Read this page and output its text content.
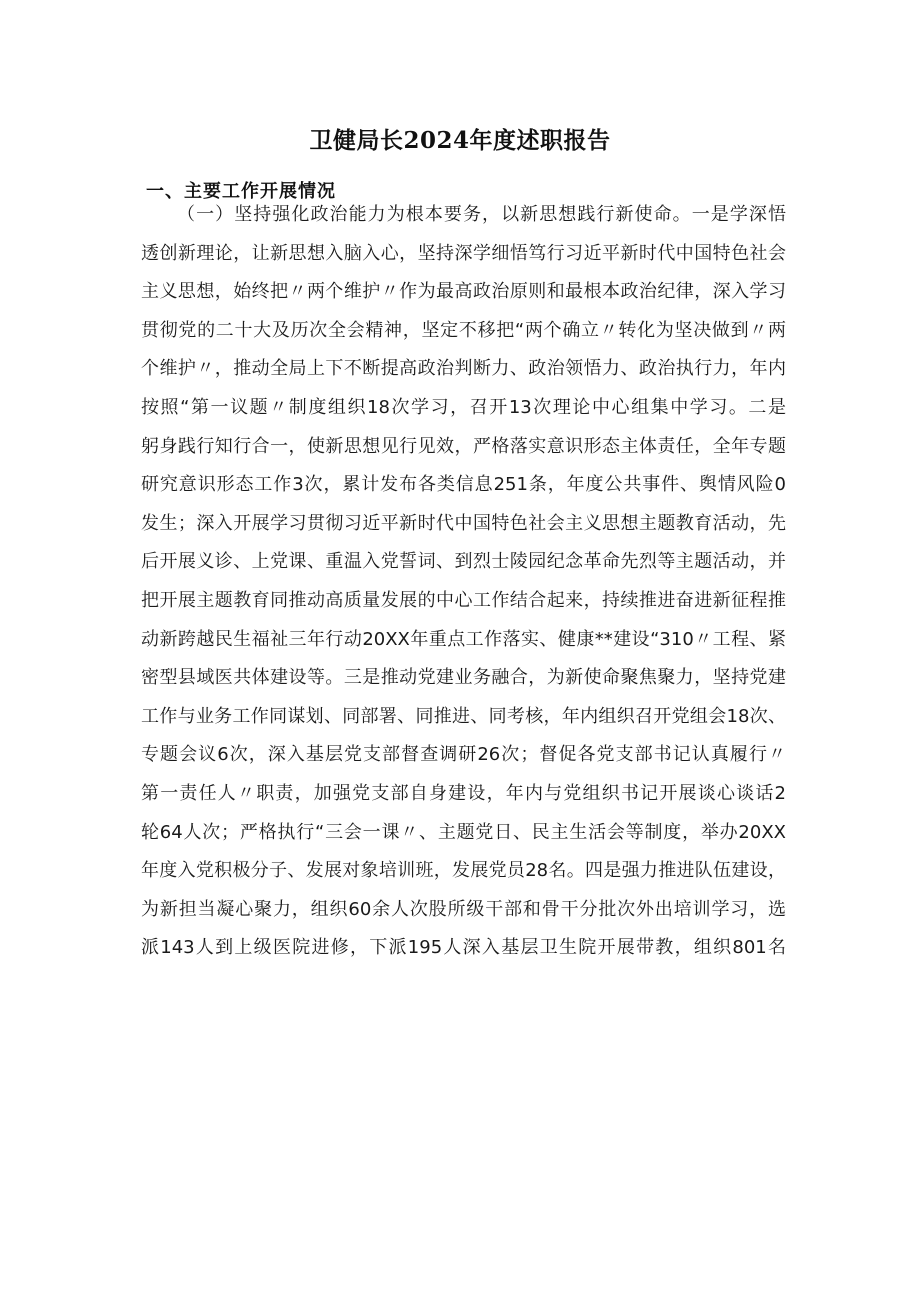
卫健局长2024年度述职报告
一、主要工作开展情况
（一）坚持强化政治能力为根本要务，以新思想践行新使命。一是学深悟
透创新理论，让新思想入脑入心，坚持深学细悟笃行习近平新时代中国特色社会
主义思想，始终把〃两个维护〃作为最高政治原则和最根本政治纪律，深入学习
贯彻党的二十大及历次全会精神，坚定不移把“两个确立〃转化为坚决做到〃两
个维护〃，推动全局上下不断提高政治判断力、政治领悟力、政治执行力，年内
按照“第一议题〃制度组织18次学习，召开13次理论中心组集中学习。二是
躬身践行知行合一，使新思想见行见效，严格落实意识形态主体责任，全年专题
研究意识形态工作3次，累计发布各类信息251条，年度公共事件、舆情风险0
发生；深入开展学习贯彻习近平新时代中国特色社会主义思想主题教育活动，先
后开展义诊、上党课、重温入党誓词、到烈士陵园纪念革命先烈等主题活动，并
把开展主题教育同推动高质量发展的中心工作结合起来，持续推进奋进新征程推
动新跨越民生福祉三年行动20XX年重点工作落实、健康**建设“310〃工程、紧
密型县域医共体建设等。三是推动党建业务融合，为新使命聚焦聚力，坚持党建
工作与业务工作同谋划、同部署、同推进、同考核，年内组织召开党组会18次、
专题会议6次，深入基层党支部督查调研26次；督促各党支部书记认真履行〃
第一责任人〃职责，加强党支部自身建设，年内与党组织书记开展谈心谈话2
轮64人次；严格执行“三会一课〃、主题党日、民主生活会等制度，举办20XX
年度入党积极分子、发展对象培训班，发展党员28名。四是强力推进队伍建设，
为新担当凝心聚力，组织60余人次股所级干部和骨干分批次外出培训学习，选
派143人到上级医院进修，下派195人深入基层卫生院开展带教，组织801名
